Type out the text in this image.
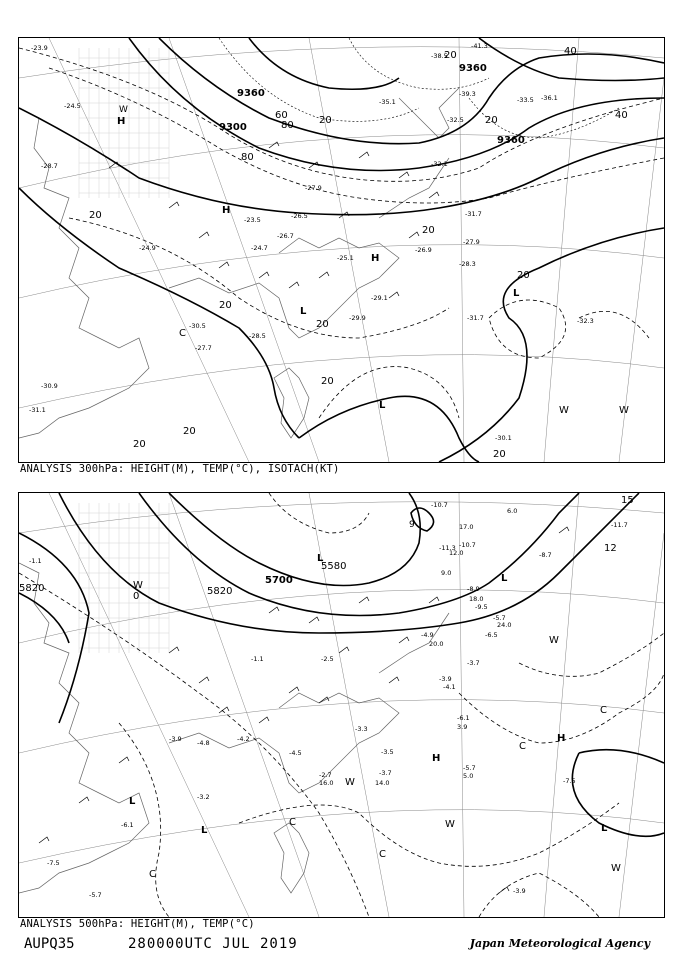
9360
9360
9360
9300
20	40
40
60
80
80
20	20
20
20
20
20
20
20
20
20
20
H
H
H
L
L
L
W
W	W
C
-23.9
-24.5
-28.7
-24.9
-23.5	-26.5
-25.1
-26.9
-29.1
-29.9
-31.7
-28.3
-27.9
-32.1
-32.3
-30.1
-27.7
-31.1
-30.9
-32.5
-35.1
-38.5
-39.3	-36.1
-33.5
-41.3
-27.9
-26.7
-24.7
-28.5
-30.5
-31.7
ANALYSIS 300hPa: HEIGHT(M), TEMP(°C), ISOTACH(KT)
5700
5820	5820
5580
15
12
0
9
H
H
L
L
L
L	L
W
W
W
W
W
C
C
C
C
C
-11.3
-10.7
-8.7
-11.7
-10.7
-8.9
-9.5
-6.5
-5.7
-4.9
-3.7
-3.9
-4.1
-6.1
-5.7
-7.5
-3.9
-3.5
-3.7
-2.7
-4.5
-3.3
-2.5
-1.1
-4.2
-3.9 -4.8
-3.2
-1.1
-6.1
-5.7
-7.5
12.0
18.0
20.0
24.0
17.0
6.0
9.0
14.0
16.0
5.0
3.9
ANALYSIS 500hPa: HEIGHT(M), TEMP(°C)
AUPQ35	280000UTC JUL 2019	Japan Meteorological Agency
